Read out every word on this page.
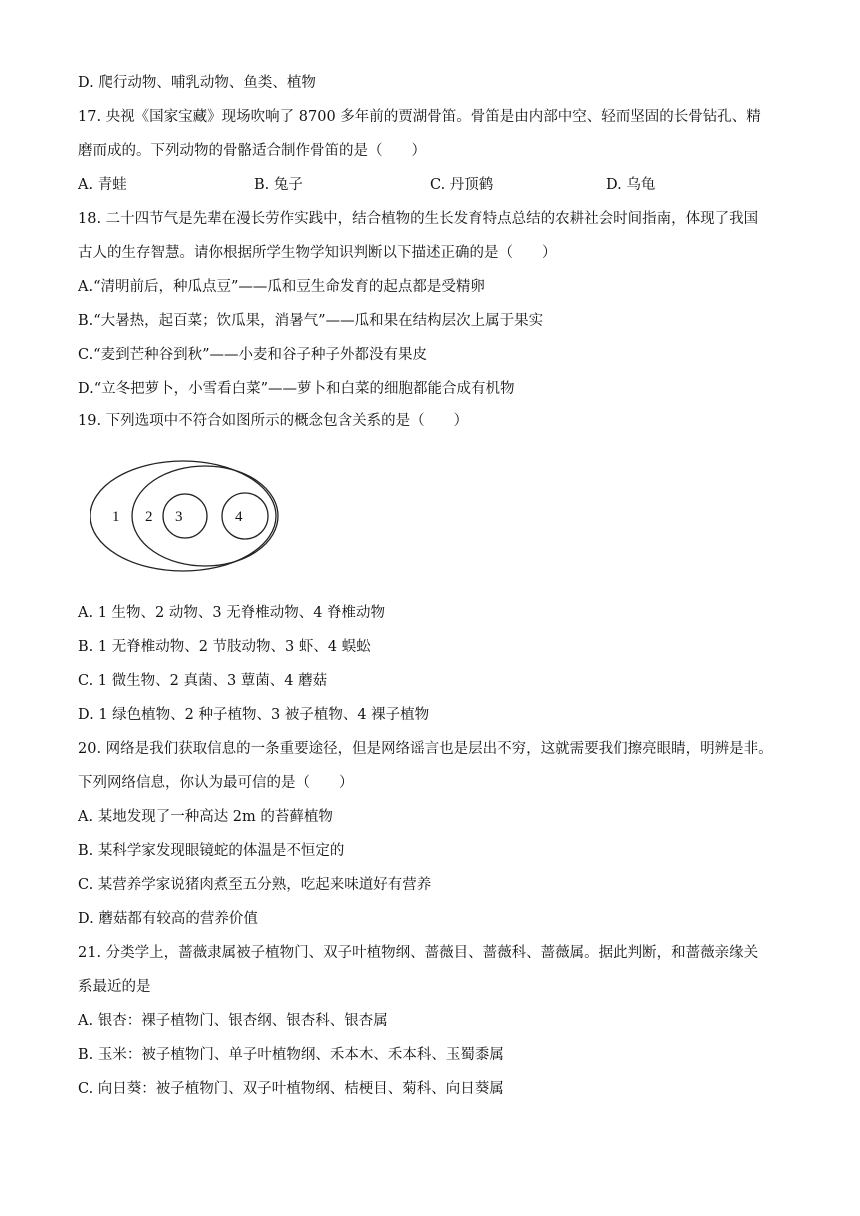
D. 爬行动物、哺乳动物、鱼类、植物
17. 央视《国家宝藏》现场吹响了 8700 多年前的贾湖骨笛。骨笛是由内部中空、轻而坚固的长骨钻孔、精
磨而成的。下列动物的骨骼适合制作骨笛的是（　　）
A. 青蛙	B. 兔子	C. 丹顶鹤	D. 乌龟
18. 二十四节气是先辈在漫长劳作实践中，结合植物的生长发育特点总结的农耕社会时间指南，体现了我国
古人的生存智慧。请你根据所学生物学知识判断以下描述正确的是（　　）
A.“清明前后，种瓜点豆”——瓜和豆生命发育的起点都是受精卵
B.“大暑热，起百菜；饮瓜果，消暑气”——瓜和果在结构层次上属于果实
C.“麦到芒种谷到秋”——小麦和谷子种子外都没有果皮
D.“立冬把萝卜，小雪看白菜”——萝卜和白菜的细胞都能合成有机物
19. 下列选项中不符合如图所示的概念包含关系的是（　　）
1 2 3	4
A. 1 生物、2 动物、3 无脊椎动物、4 脊椎动物
B. 1 无脊椎动物、2 节肢动物、3 虾、4 蜈蚣
C. 1 微生物、2 真菌、3 蕈菌、4 蘑菇
D. 1 绿色植物、2 种子植物、3 被子植物、4 裸子植物
20. 网络是我们获取信息的一条重要途径，但是网络谣言也是层出不穷，这就需要我们擦亮眼睛，明辨是非。
下列网络信息，你认为最可信的是（　　）
A. 某地发现了一种高达 2m 的苔藓植物
B. 某科学家发现眼镜蛇的体温是不恒定的
C. 某营养学家说猪肉煮至五分熟，吃起来味道好有营养
D. 蘑菇都有较高的营养价值
21. 分类学上，蔷薇隶属被子植物门、双子叶植物纲、蔷薇目、蔷薇科、蔷薇属。据此判断，和蔷薇亲缘关
系最近的是
A. 银杏：裸子植物门、银杏纲、银杏科、银杏属
B. 玉米：被子植物门、单子叶植物纲、禾本木、禾本科、玉蜀黍属
C. 向日葵：被子植物门、双子叶植物纲、桔梗目、菊科、向日葵属
